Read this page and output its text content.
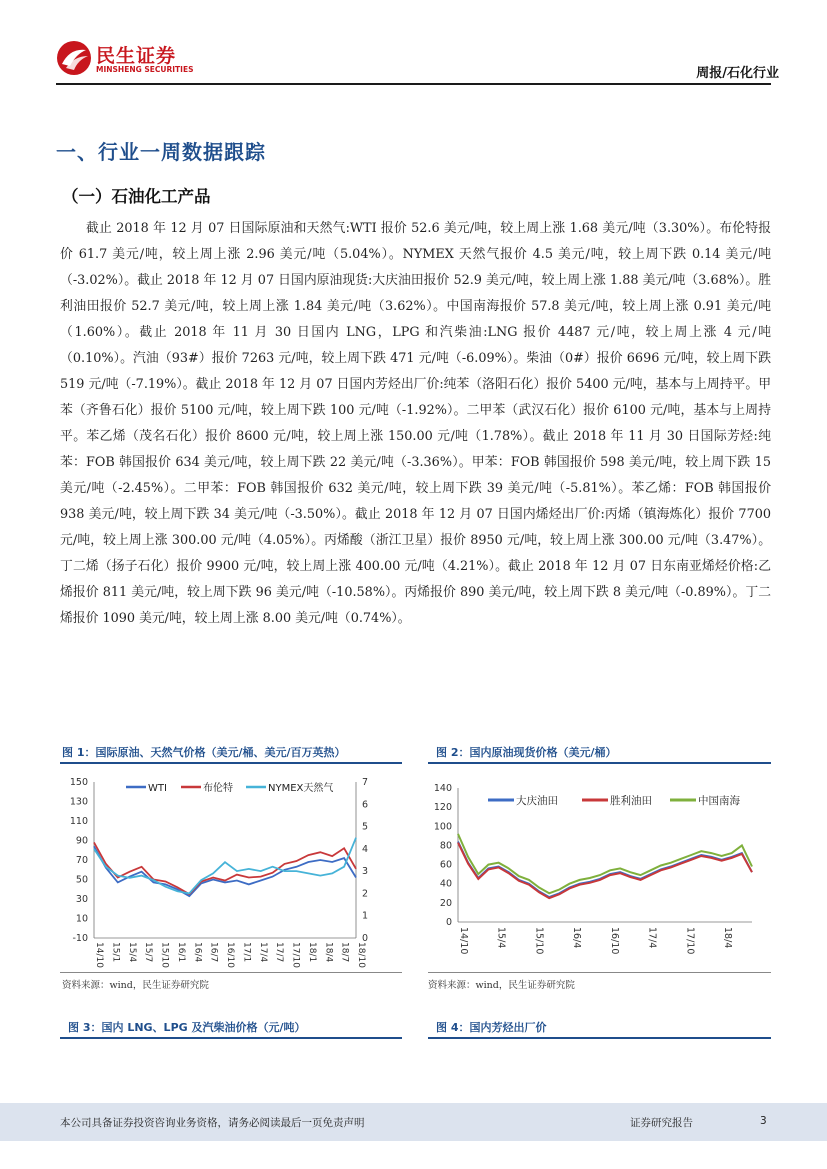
民生证券
MINSHENG SECURITIES	周报/石化行业
一、行业一周数据跟踪
（一）石油化工产品
截止 2018 年 12 月 07 日国际原油和天然气:WTI 报价 52.6 美元/吨，较上周上涨 1.68 美元/吨（3.30%）。布伦特报价 61.7 美元/吨，较上周上涨 2.96 美元/吨（5.04%）。NYMEX 天然气报价 4.5 美元/吨，较上周下跌 0.14 美元/吨（-3.02%）。截止 2018 年 12 月 07 日国内原油现货:大庆油田报价 52.9 美元/吨，较上周上涨 1.88 美元/吨（3.68%）。胜利油田报价 52.7 美元/吨，较上周上涨 1.84 美元/吨（3.62%）。中国南海报价 57.8 美元/吨，较上周上涨 0.91 美元/吨（1.60%）。截止 2018 年 11 月 30 日国内 LNG，LPG 和汽柴油:LNG 报价 4487 元/吨，较上周上涨 4 元/吨（0.10%）。汽油（93#）报价 7263 元/吨，较上周下跌 471 元/吨（-6.09%）。柴油（0#）报价 6696 元/吨，较上周下跌 519 元/吨（-7.19%）。截止 2018 年 12 月 07 日国内芳烃出厂价:纯苯（洛阳石化）报价 5400 元/吨，基本与上周持平。甲苯（齐鲁石化）报价 5100 元/吨，较上周下跌 100 元/吨（-1.92%）。二甲苯（武汉石化）报价 6100 元/吨，基本与上周持平。苯乙烯（茂名石化）报价 8600 元/吨，较上周上涨 150.00 元/吨（1.78%）。截止 2018 年 11 月 30 日国际芳烃:纯苯：FOB 韩国报价 634 美元/吨，较上周下跌 22 美元/吨（-3.36%）。甲苯：FOB 韩国报价 598 美元/吨，较上周下跌 15 美元/吨（-2.45%）。二甲苯：FOB 韩国报价 632 美元/吨，较上周下跌 39 美元/吨（-5.81%）。苯乙烯：FOB 韩国报价 938 美元/吨，较上周下跌 34 美元/吨（-3.50%）。截止 2018 年 12 月 07 日国内烯烃出厂价:丙烯（镇海炼化）报价 7700 元/吨，较上周上涨 300.00 元/吨（4.05%）。丙烯酸（浙江卫星）报价 8950 元/吨，较上周上涨 300.00 元/吨（3.47%）。丁二烯（扬子石化）报价 9900 元/吨，较上周上涨 400.00 元/吨（4.21%）。截止 2018 年 12 月 07 日东南亚烯烃价格:乙烯报价 811 美元/吨，较上周下跌 96 美元/吨（-10.58%）。丙烯报价 890 美元/吨，较上周下跌 8 美元/吨（-0.89%）。丁二烯报价 1090 美元/吨，较上周上涨 8.00 美元/吨（0.74%）。
图 1：国际原油、天然气价格（美元/桶、美元/百万英热）
-10
10
30
50
70
90
110
130
150
0
1
2
3
4
5
6
7
14/10 15/1 15/4 15/7 15/10 16/1 16/4 16/7 16/10 17/1 17/4 17/7 17/10 18/1 18/4 18/7 18/10
WTI	布伦特	NYMEX天然气
资料来源：wind，民生证券研究院
图 2：国内原油现货价格（美元/桶）
0
20
40
60
80
100
120
140
14/10	15/4	15/10	16/4	16/10	17/4	17/10	18/4
大庆油田	胜利油田	中国南海
资料来源：wind，民生证券研究院
图 3：国内 LNG、LPG 及汽柴油价格（元/吨）	图 4：国内芳烃出厂价
本公司具备证券投资咨询业务资格，请务必阅读最后一页免责声明	证券研究报告	3
